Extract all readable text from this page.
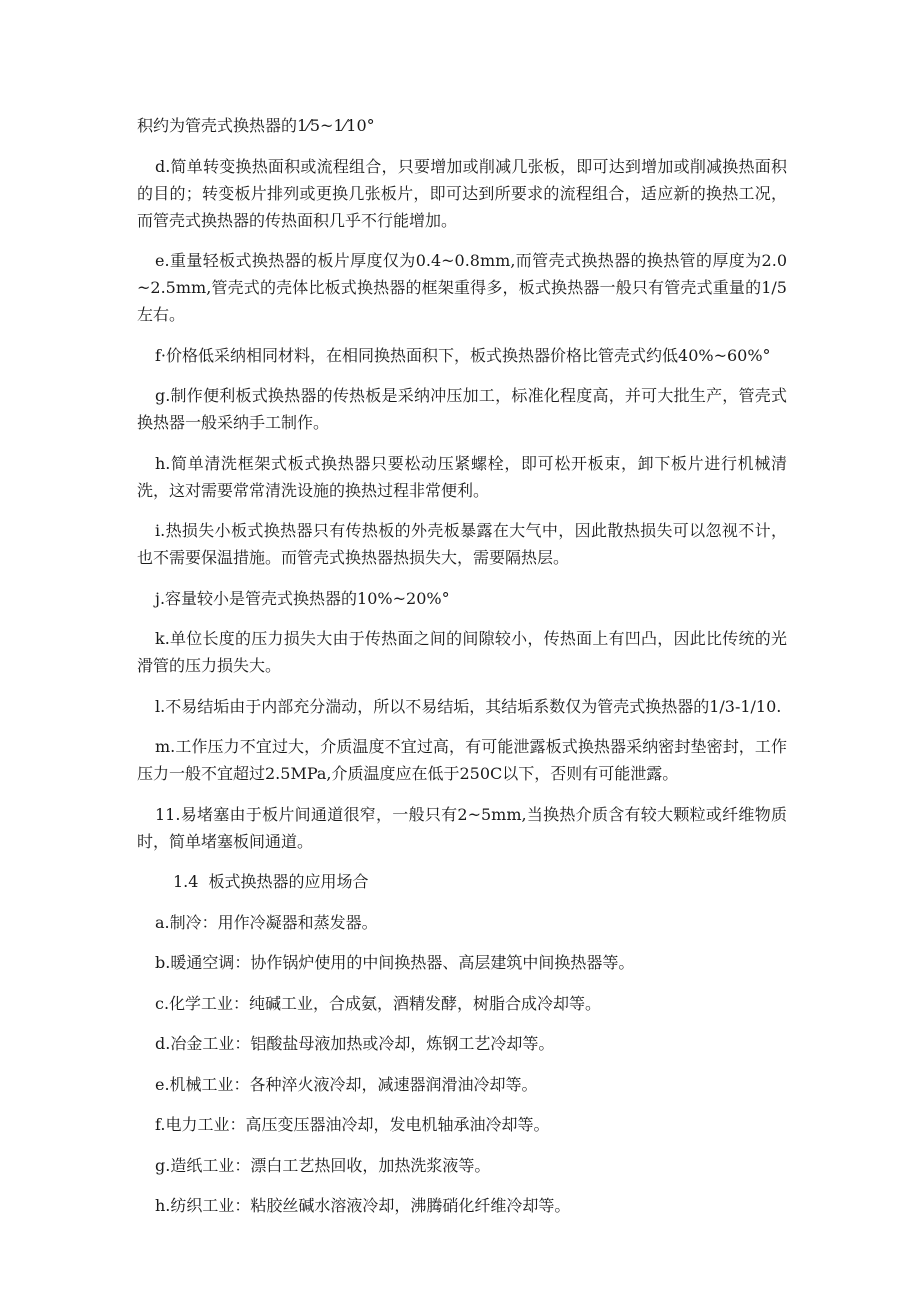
积约为管壳式换热器的1⁄5~1⁄10°

d.简单转变换热面积或流程组合，只要增加或削减几张板，即可达到增加或削减换热面积的目的；转变板片排列或更换几张板片，即可达到所要求的流程组合，适应新的换热工况，而管壳式换热器的传热面积几乎不行能增加。

e.重量轻板式换热器的板片厚度仅为0.4~0.8mm,而管壳式换热器的换热管的厚度为2.0~2.5mm,管壳式的壳体比板式换热器的框架重得多，板式换热器一般只有管壳式重量的1/5左右。

f·价格低采纳相同材料，在相同换热面积下，板式换热器价格比管壳式约低40%~60%°

g.制作便利板式换热器的传热板是采纳冲压加工，标准化程度高，并可大批生产，管壳式换热器一般采纳手工制作。

h.简单清洗框架式板式换热器只要松动压紧螺栓，即可松开板束，卸下板片进行机械清洗，这对需要常常清洗设施的换热过程非常便利。

i.热损失小板式换热器只有传热板的外壳板暴露在大气中，因此散热损失可以忽视不计，也不需要保温措施。而管壳式换热器热损失大，需要隔热层。

j.容量较小是管壳式换热器的10%~20%°

k.单位长度的压力损失大由于传热面之间的间隙较小，传热面上有凹凸，因此比传统的光滑管的压力损失大。

l.不易结垢由于内部充分湍动，所以不易结垢，其结垢系数仅为管壳式换热器的1/3-1/10.

m.工作压力不宜过大，介质温度不宜过高，有可能泄露板式换热器采纳密封垫密封，工作压力一般不宜超过2.5MPa,介质温度应在低于250C以下，否则有可能泄露。

11.易堵塞由于板片间通道很窄，一般只有2~5mm,当换热介质含有较大颗粒或纤维物质时，简单堵塞板间通道。

1.4 板式换热器的应用场合

a.制冷：用作冷凝器和蒸发器。

b.暖通空调：协作锅炉使用的中间换热器、高层建筑中间换热器等。

c.化学工业：纯碱工业，合成氨，酒精发酵，树脂合成冷却等。

d.冶金工业：铝酸盐母液加热或冷却，炼钢工艺冷却等。

e.机械工业：各种淬火液冷却，减速器润滑油冷却等。

f.电力工业：高压变压器油冷却，发电机轴承油冷却等。

g.造纸工业：漂白工艺热回收，加热洗浆液等。

h.纺织工业：粘胶丝碱水溶液冷却，沸腾硝化纤维冷却等。
